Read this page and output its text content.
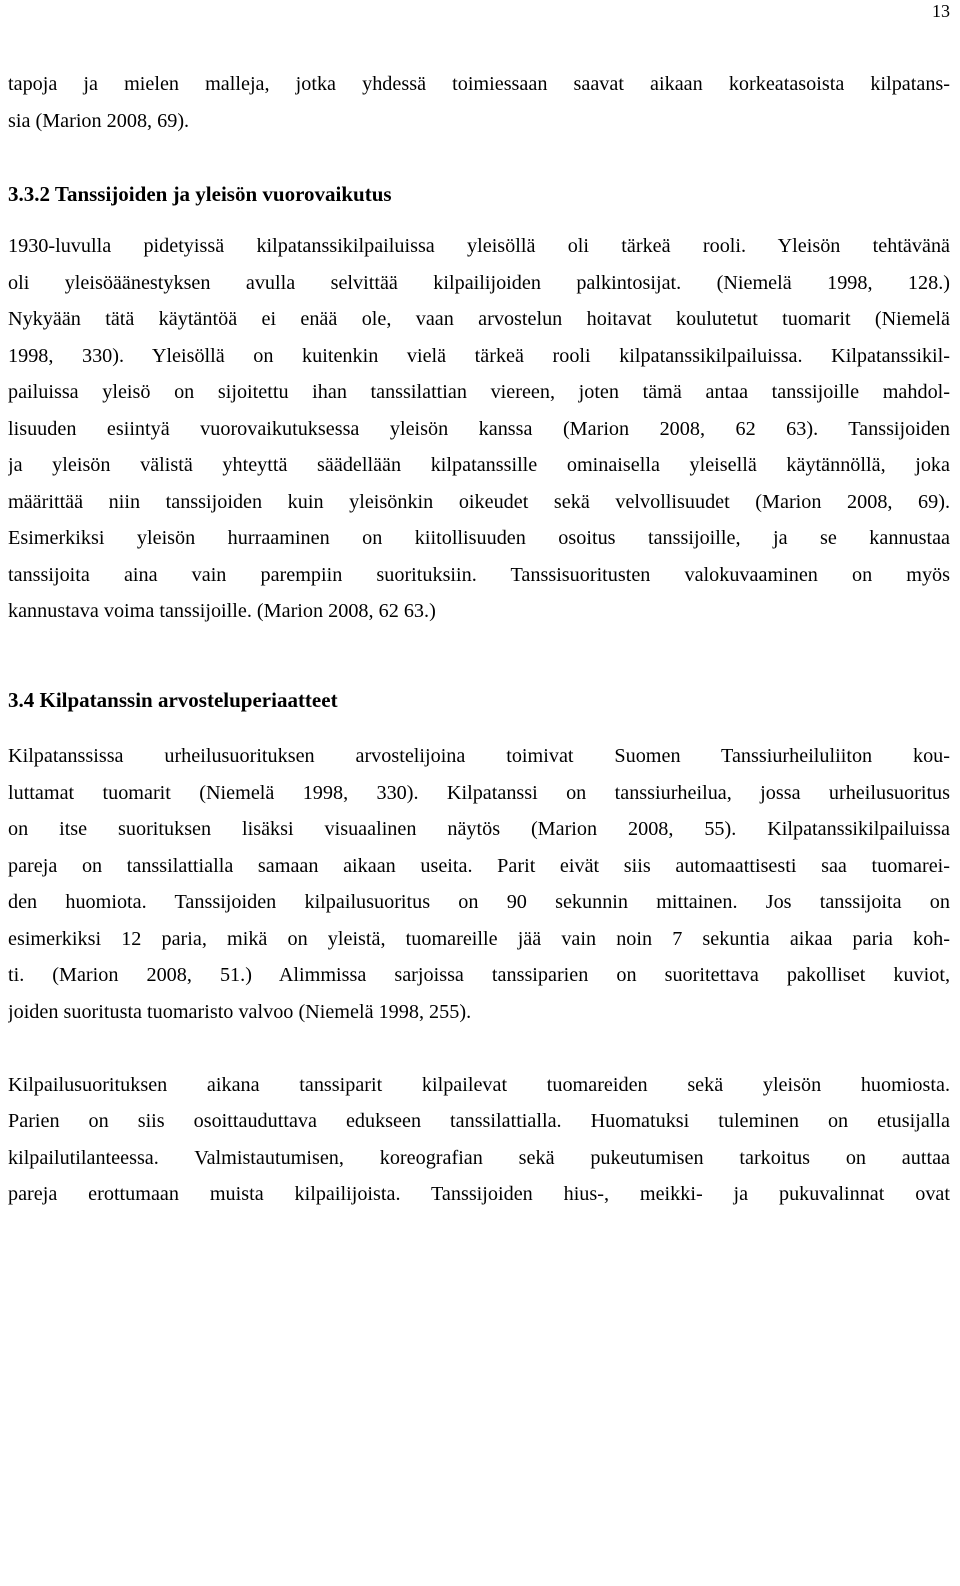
13
tapoja ja mielen malleja, jotka yhdessä toimiessaan saavat aikaan korkeatasoista kilpatans-
sia (Marion 2008, 69).
3.3.2 Tanssijoiden ja yleisön vuorovaikutus
1930-luvulla pidetyissä kilpatanssikilpailuissa yleisöllä oli tärkeä rooli. Yleisön tehtävänä
oli yleisöäänestyksen avulla selvittää kilpailijoiden palkintosijat. (Niemelä 1998, 128.)
Nykyään tätä käytäntöä ei enää ole, vaan arvostelun hoitavat koulutetut tuomarit (Niemelä
1998, 330). Yleisöllä on kuitenkin vielä tärkeä rooli kilpatanssikilpailuissa. Kilpatanssikil-
pailuissa yleisö on sijoitettu ihan tanssilattian viereen, joten tämä antaa tanssijoille mahdol-
lisuuden esiintyä vuorovaikutuksessa yleisön kanssa (Marion 2008, 62 63). Tanssijoiden
ja yleisön välistä yhteyttä säädellään kilpatanssille ominaisella yleisellä käytännöllä, joka
määrittää niin tanssijoiden kuin yleisönkin oikeudet sekä velvollisuudet (Marion 2008, 69).
Esimerkiksi yleisön hurraaminen on kiitollisuuden osoitus tanssijoille, ja se kannustaa
tanssijoita aina vain parempiin suorituksiin. Tanssisuoritusten valokuvaaminen on myös
kannustava voima tanssijoille. (Marion 2008, 62 63.)
3.4 Kilpatanssin arvosteluperiaatteet
Kilpatanssissa urheilusuorituksen arvostelijoina toimivat Suomen Tanssiurheiluliiton kou-
luttamat tuomarit (Niemelä 1998, 330). Kilpatanssi on tanssiurheilua, jossa urheilusuoritus
on itse suorituksen lisäksi visuaalinen näytös (Marion 2008, 55). Kilpatanssikilpailuissa
pareja on tanssilattialla samaan aikaan useita. Parit eivät siis automaattisesti saa tuomarei-
den huomiota. Tanssijoiden kilpailusuoritus on 90 sekunnin mittainen. Jos tanssijoita on
esimerkiksi 12 paria, mikä on yleistä, tuomareille jää vain noin 7 sekuntia aikaa paria koh-
ti. (Marion 2008, 51.) Alimmissa sarjoissa tanssiparien on suoritettava pakolliset kuviot,
joiden suoritusta tuomaristo valvoo (Niemelä 1998, 255).
Kilpailusuorituksen aikana tanssiparit kilpailevat tuomareiden sekä yleisön huomiosta.
Parien on siis osoittauduttava edukseen tanssilattialla. Huomatuksi tuleminen on etusijalla
kilpailutilanteessa. Valmistautumisen, koreografian sekä pukeutumisen tarkoitus on auttaa
pareja erottumaan muista kilpailijoista. Tanssijoiden hius-, meikki- ja pukuvalinnat ovat
